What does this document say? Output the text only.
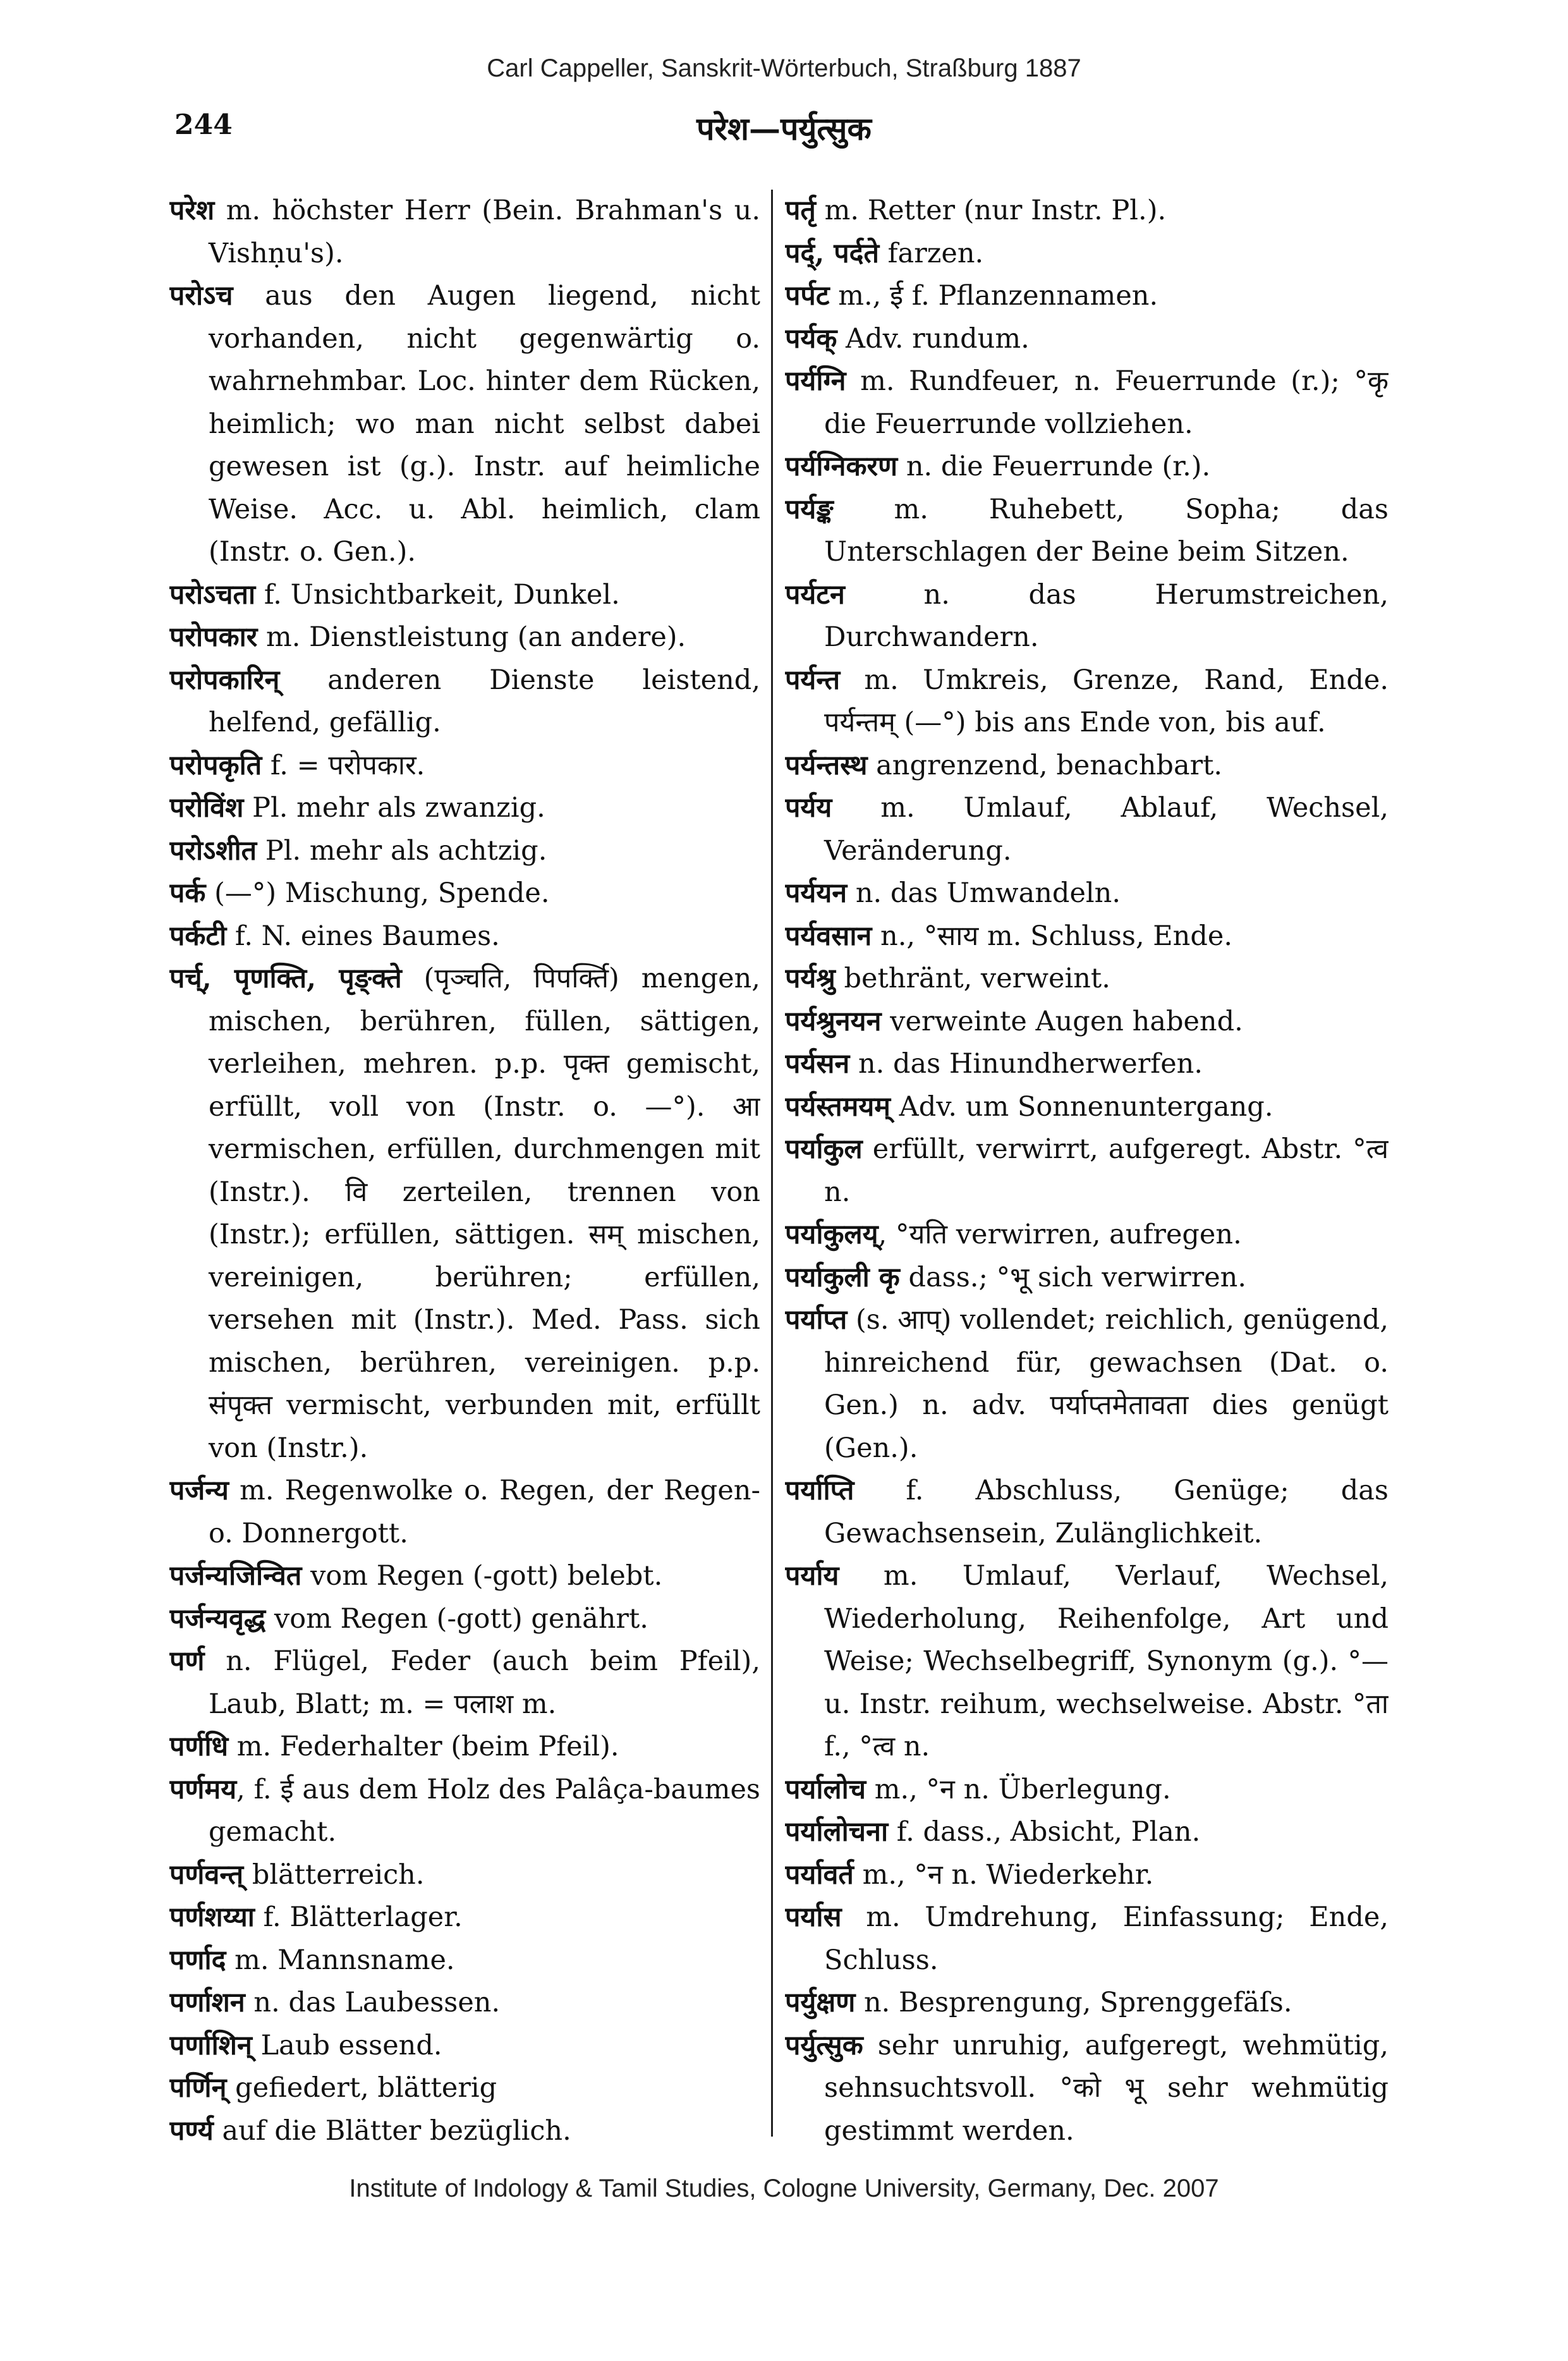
Carl Cappeller, Sanskrit-Wörterbuch, Straßburg 1887
244	परेश—पर्युत्सुक

परेश m. höchster Herr (Bein. Brahman's u. Vishṇu's).

परोऽच aus den Augen liegend, nicht vorhanden, nicht gegenwärtig o. wahrnehmbar. Loc. hinter dem Rücken, heimlich; wo man nicht selbst dabei gewesen ist (g.). Instr. auf heimliche Weise. Acc. u. Abl. heimlich, clam (Instr. o. Gen.).

परोऽचता f. Unsichtbarkeit, Dunkel.

परोपकार m. Dienstleistung (an andere).

परोपकारिन् anderen Dienste leistend, helfend, gefällig.

परोपकृति f. = परोपकार.

परोविंश Pl. mehr als zwanzig.

परोऽशीत Pl. mehr als achtzig.

पर्क (—°) Mischung, Spende.

पर्कटी f. N. eines Baumes.

पर्च्, पृणक्ति, पृङ्क्ते (पृञ्चति, पिपर्क्ति) mengen, mischen, berühren, füllen, sättigen, verleihen, mehren. p.p. पृक्त gemischt, erfüllt, voll von (Instr. o. —°). आ vermischen, erfüllen, durchmengen mit (Instr.). वि zerteilen, trennen von (Instr.); erfüllen, sättigen. सम् mischen, vereinigen, berühren; erfüllen, versehen mit (Instr.). Med. Pass. sich mischen, berühren, vereinigen. p.p. संपृक्त vermischt, verbunden mit, erfüllt von (Instr.).

पर्जन्य m. Regenwolke o. Regen, der Regen- o. Donnergott.

पर्जन्यजिन्वित vom Regen (-gott) belebt.

पर्जन्यवृद्ध vom Regen (-gott) genährt.

पर्ण n. Flügel, Feder (auch beim Pfeil), Laub, Blatt; m. = पलाश m.

पर्णधि m. Federhalter (beim Pfeil).

पर्णमय, f. ई aus dem Holz des Palâça-baumes gemacht.

पर्णवन्त् blätterreich.

पर्णशय्या f. Blätterlager.

पर्णाद m. Mannsname.

पर्णाशन n. das Laubessen.

पर्णाशिन् Laub essend.

पर्णिन् gefiedert, blätterig

पर्ण्य auf die Blätter bezüglich.

पर्तृ m. Retter (nur Instr. Pl.).

पर्द्, पर्दते farzen.

पर्पट m., ई f. Pflanzennamen.

पर्यक् Adv. rundum.

पर्यग्नि m. Rundfeuer, n. Feuerrunde (r.); °कृ die Feuerrunde vollziehen.

पर्यग्निकरण n. die Feuerrunde (r.).

पर्यङ्क m. Ruhebett, Sopha; das Unterschlagen der Beine beim Sitzen.

पर्यटन n. das Herumstreichen, Durchwandern.

पर्यन्त m. Umkreis, Grenze, Rand, Ende. पर्यन्तम् (—°) bis ans Ende von, bis auf.

पर्यन्तस्थ angrenzend, benachbart.

पर्यय m. Umlauf, Ablauf, Wechsel, Veränderung.

पर्ययन n. das Umwandeln.

पर्यवसान n., °साय m. Schluss, Ende.

पर्यश्रु bethränt, verweint.

पर्यश्रुनयन verweinte Augen habend.

पर्यसन n. das Hinundherwerfen.

पर्यस्तमयम् Adv. um Sonnenuntergang.

पर्याकुल erfüllt, verwirrt, aufgeregt. Abstr. °त्व n.

पर्याकुलय्, °यति verwirren, aufregen.

पर्याकुली कृ dass.; °भू sich verwirren.

पर्याप्त (s. आप्) vollendet; reichlich, genügend, hinreichend für, gewachsen (Dat. o. Gen.) n. adv. पर्याप्तमेतावता dies genügt (Gen.).

पर्याप्ति f. Abschluss, Genüge; das Gewachsensein, Zulänglichkeit.

पर्याय m. Umlauf, Verlauf, Wechsel, Wiederholung, Reihenfolge, Art und Weise; Wechselbegriff, Synonym (g.). °— u. Instr. reihum, wechselweise. Abstr. °ता f., °त्व n.

पर्यालोच m., °न n. Überlegung.

पर्यालोचना f. dass., Absicht, Plan.

पर्यावर्त m., °न n. Wiederkehr.

पर्यास m. Umdrehung, Einfassung; Ende, Schluss.

पर्युक्षण n. Besprengung, Sprenggefäſs.

पर्युत्सुक sehr unruhig, aufgeregt, wehmütig, sehnsuchtsvoll. °को भू sehr wehmütig gestimmt werden.

Institute of Indology & Tamil Studies, Cologne University, Germany, Dec. 2007
